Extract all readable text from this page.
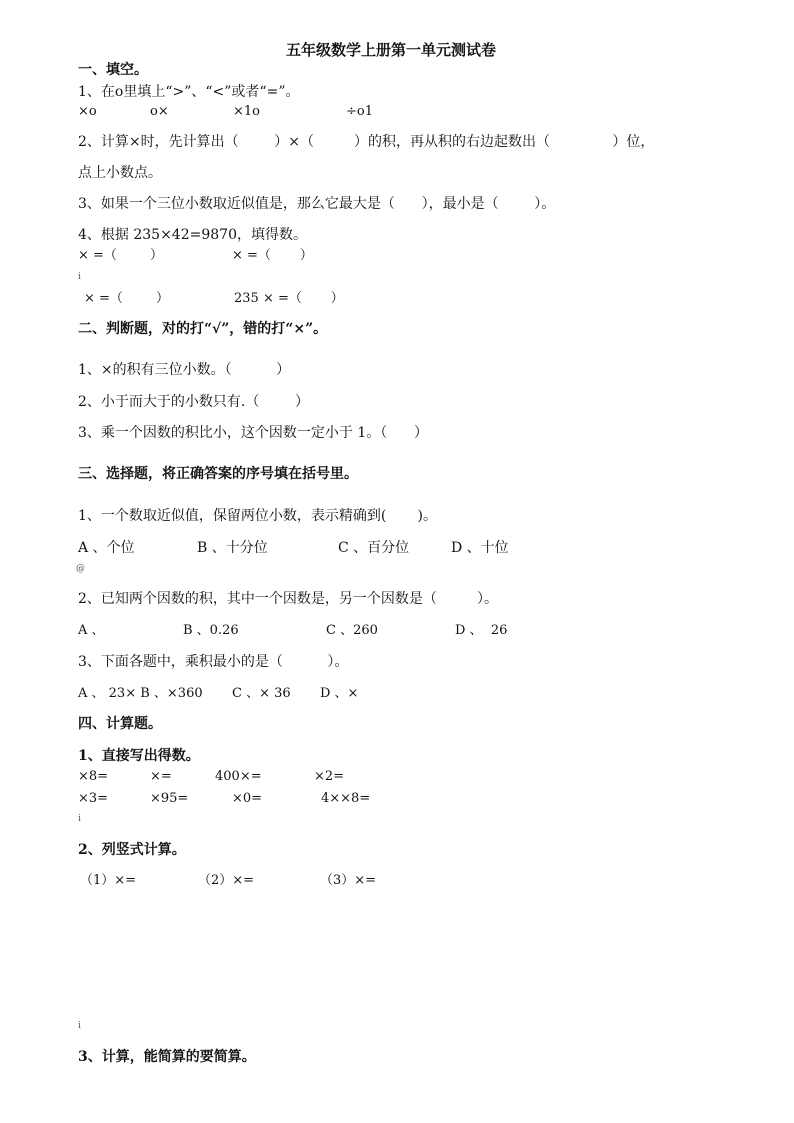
五年级数学上册第一单元测试卷
一、填空。
1、在o里填上“>”、“<”或者“=”。
×o	o×	×1o	÷o1
2、计算×时，先计算出（        ）×（         ）的积，再从积的右边起数出（              ）位，
点上小数点。
3、如果一个三位小数取近似值是，那么它最大是（      ），最小是（        ）。
4、根据 235×42=9870，填得数。
× =（        ）	× =（       ）
ⅰ
× =（        ）	235 × =（       ）
二、判断题，对的打“√”，错的打“×”。
1、×的积有三位小数。（          ）
2、小于而大于的小数只有.（        ）
3、乘一个因数的积比小，这个因数一定小于 1。（      ）
三、选择题，将正确答案的序号填在括号里。
1、一个数取近似值，保留两位小数，表示精确到(       )。
A 、个位	B 、十分位	C 、百分位	D 、十位
@
2、已知两个因数的积，其中一个因数是，另一个因数是（         ）。
A 、	B 、0.26	C 、260	D 、  26
3、下面各题中，乘积最小的是（          ）。
A 、 23× B 、×360 C 、× 36 D 、×
四、计算题。
1、直接写出得数。
×8=	×=	400×=	×2=
×3=	×95=	×0=	4××8=
ⅰ
2、列竖式计算。
（1）×=	（2）×=	（3）×=
ⅰ
3、计算，能简算的要简算。
